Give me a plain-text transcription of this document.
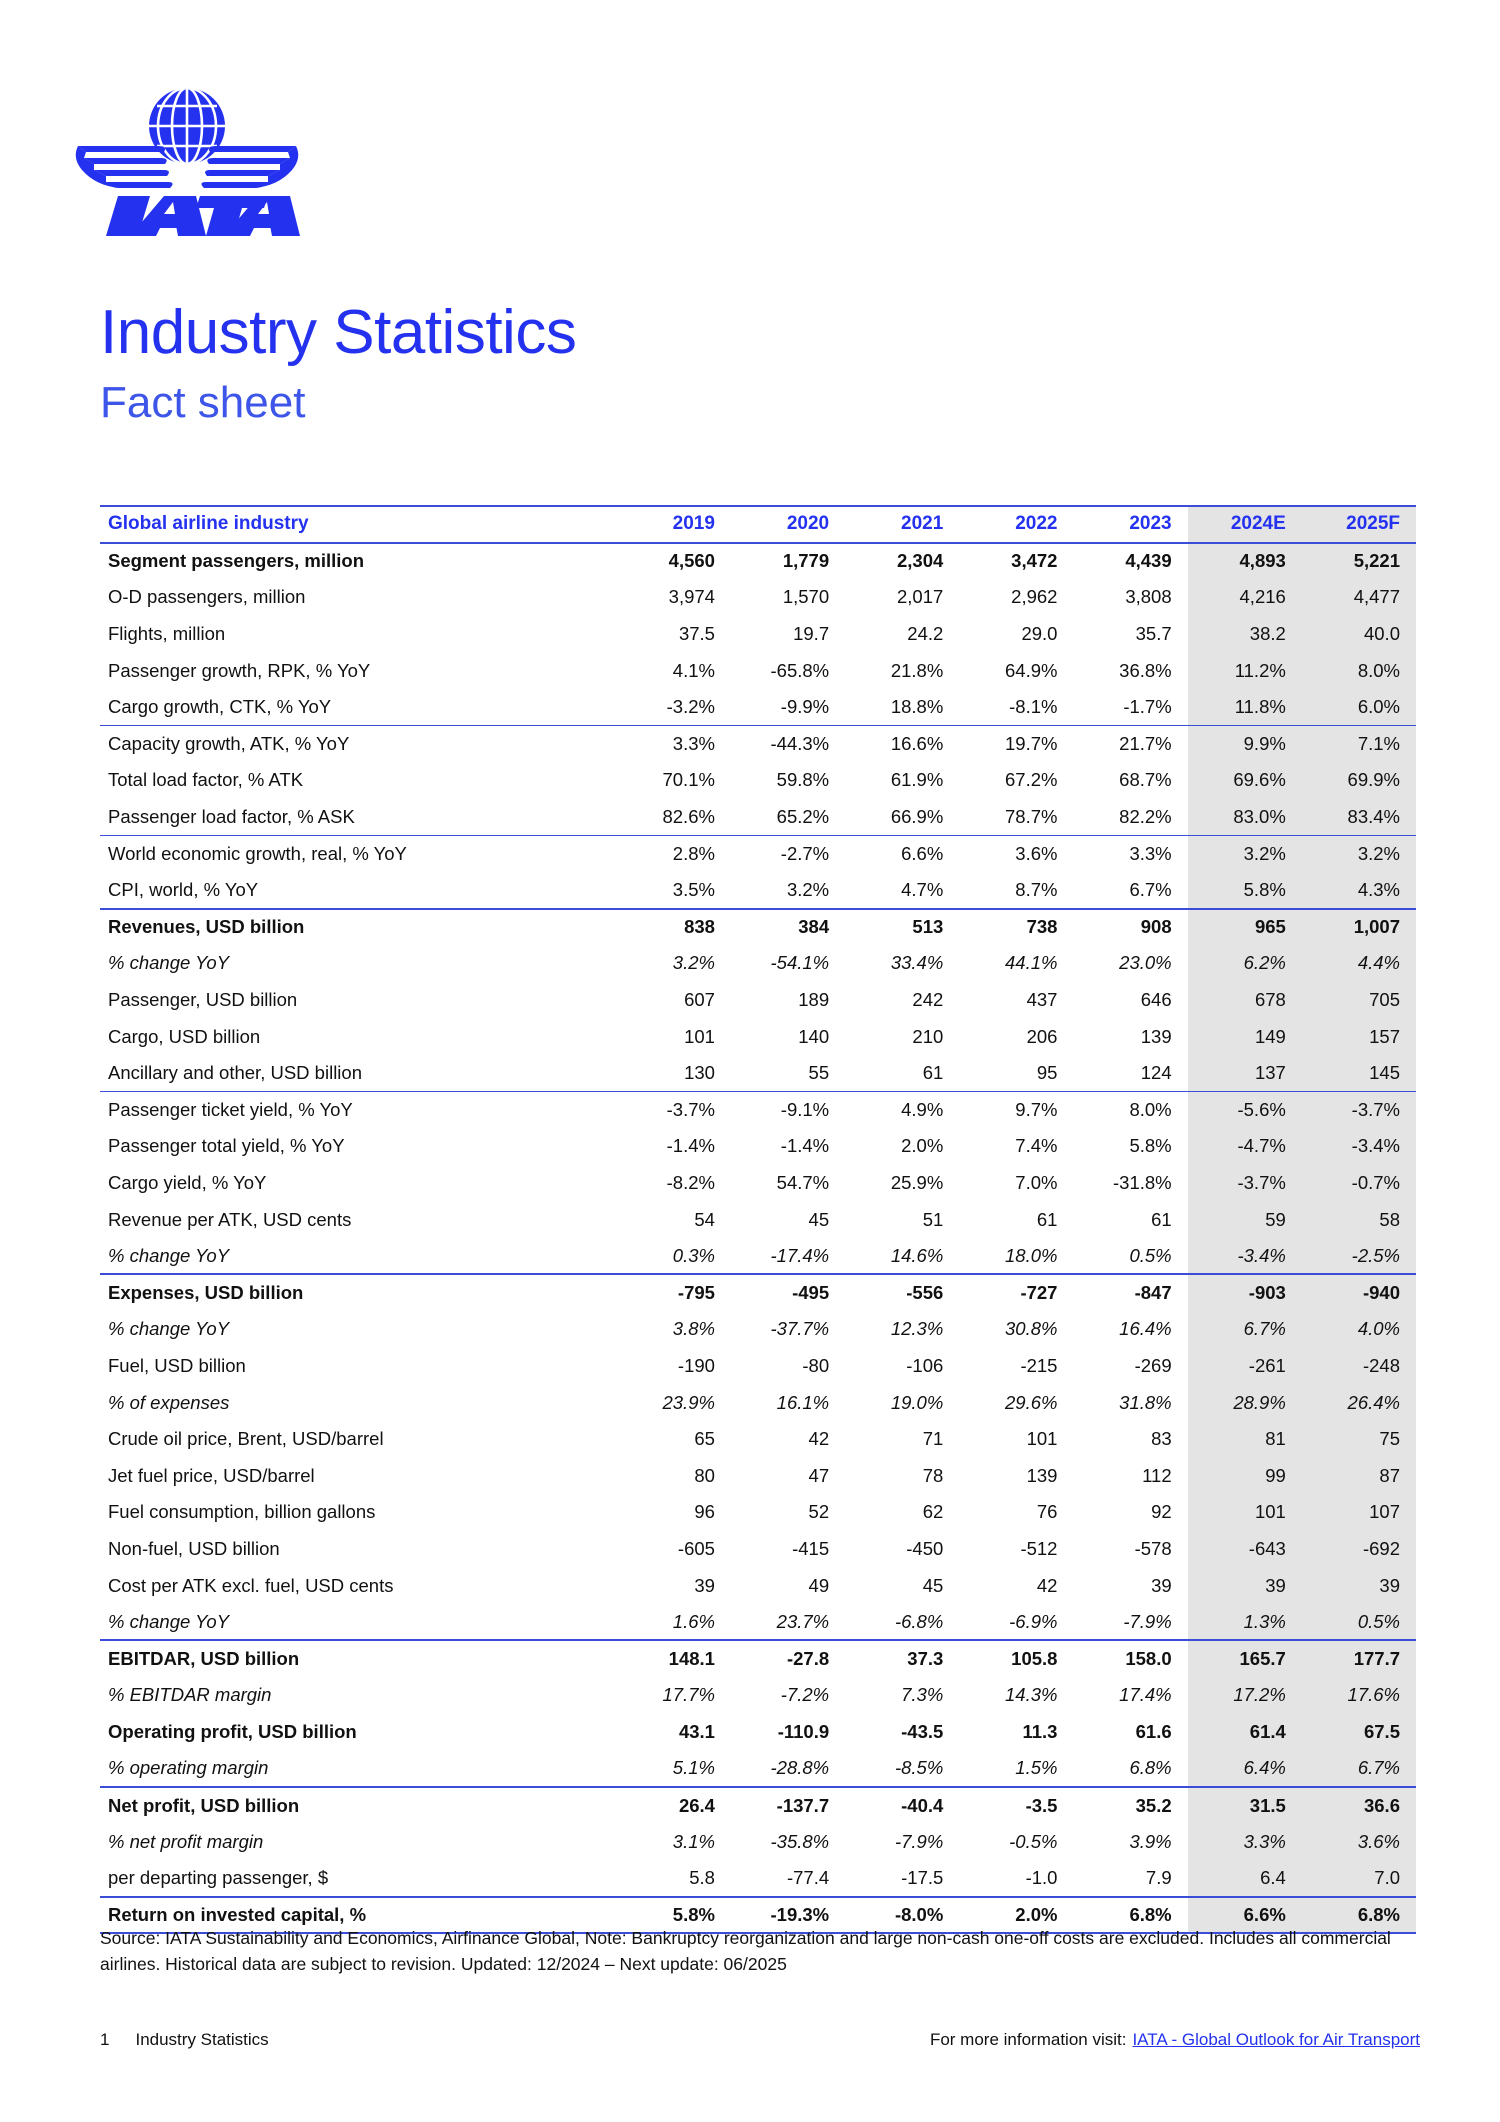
Industry Statistics
Fact sheet
Global airline industry	2019	2020	2021	2022	2023	2024E	2025F
Segment passengers, million	4,560	1,779	2,304	3,472	4,439	4,893	5,221
O-D passengers, million	3,974	1,570	2,017	2,962	3,808	4,216	4,477
Flights, million	37.5	19.7	24.2	29.0	35.7	38.2	40.0
Passenger growth, RPK, % YoY	4.1%	-65.8%	21.8%	64.9%	36.8%	11.2%	8.0%
Cargo growth, CTK, % YoY	-3.2%	-9.9%	18.8%	-8.1%	-1.7%	11.8%	6.0%
Capacity growth, ATK, % YoY	3.3%	-44.3%	16.6%	19.7%	21.7%	9.9%	7.1%
Total load factor, % ATK	70.1%	59.8%	61.9%	67.2%	68.7%	69.6%	69.9%
Passenger load factor, % ASK	82.6%	65.2%	66.9%	78.7%	82.2%	83.0%	83.4%
World economic growth, real, % YoY	2.8%	-2.7%	6.6%	3.6%	3.3%	3.2%	3.2%
CPI, world, % YoY	3.5%	3.2%	4.7%	8.7%	6.7%	5.8%	4.3%
Revenues, USD billion	838	384	513	738	908	965	1,007
% change YoY	3.2%	-54.1%	33.4%	44.1%	23.0%	6.2%	4.4%
Passenger, USD billion	607	189	242	437	646	678	705
Cargo, USD billion	101	140	210	206	139	149	157
Ancillary and other, USD billion	130	55	61	95	124	137	145
Passenger ticket yield, % YoY	-3.7%	-9.1%	4.9%	9.7%	8.0%	-5.6%	-3.7%
Passenger total yield, % YoY	-1.4%	-1.4%	2.0%	7.4%	5.8%	-4.7%	-3.4%
Cargo yield, % YoY	-8.2%	54.7%	25.9%	7.0%	-31.8%	-3.7%	-0.7%
Revenue per ATK, USD cents	54	45	51	61	61	59	58
% change YoY	0.3%	-17.4%	14.6%	18.0%	0.5%	-3.4%	-2.5%
Expenses, USD billion	-795	-495	-556	-727	-847	-903	-940
% change YoY	3.8%	-37.7%	12.3%	30.8%	16.4%	6.7%	4.0%
Fuel, USD billion	-190	-80	-106	-215	-269	-261	-248
% of expenses	23.9%	16.1%	19.0%	29.6%	31.8%	28.9%	26.4%
Crude oil price, Brent, USD/barrel	65	42	71	101	83	81	75
Jet fuel price, USD/barrel	80	47	78	139	112	99	87
Fuel consumption, billion gallons	96	52	62	76	92	101	107
Non-fuel, USD billion	-605	-415	-450	-512	-578	-643	-692
Cost per ATK excl. fuel, USD cents	39	49	45	42	39	39	39
% change YoY	1.6%	23.7%	-6.8%	-6.9%	-7.9%	1.3%	0.5%
EBITDAR, USD billion	148.1	-27.8	37.3	105.8	158.0	165.7	177.7
% EBITDAR margin	17.7%	-7.2%	7.3%	14.3%	17.4%	17.2%	17.6%
Operating profit, USD billion	43.1	-110.9	-43.5	11.3	61.6	61.4	67.5
% operating margin	5.1%	-28.8%	-8.5%	1.5%	6.8%	6.4%	6.7%
Net profit, USD billion	26.4	-137.7	-40.4	-3.5	35.2	31.5	36.6
% net profit margin	3.1%	-35.8%	-7.9%	-0.5%	3.9%	3.3%	3.6%
per departing passenger, $	5.8	-77.4	-17.5	-1.0	7.9	6.4	7.0
Return on invested capital, %	5.8%	-19.3%	-8.0%	2.0%	6.8%	6.6%	6.8%
Source: IATA Sustainability and Economics, Airfinance Global, Note: Bankruptcy reorganization and large non-cash one-off costs are excluded. Includes all commercial airlines. Historical data are subject to revision. Updated: 12/2024 – Next update: 06/2025
1 Industry Statistics	For more information visit: IATA - Global Outlook for Air Transport
